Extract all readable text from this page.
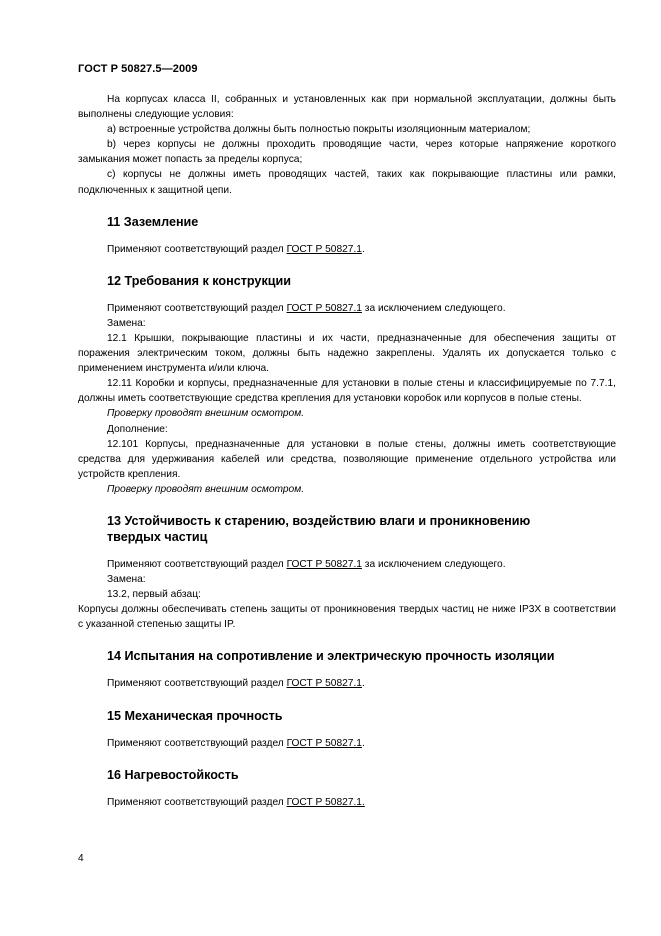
ГОСТ Р 50827.5—2009

На корпусах класса II, собранных и установленных как при нормальной эксплуатации, должны быть выполнены следующие условия:

а) встроенные устройства должны быть полностью покрыты изоляционным материалом;

b) через корпусы не должны проходить проводящие части, через которые напряжение короткого замыкания может попасть за пределы корпуса;

с) корпусы не должны иметь проводящих частей, таких как покрывающие пластины или рамки, подключенных к защитной цепи.

11 Заземление

Применяют соответствующий раздел ГОСТ Р 50827.1.

12 Требования к конструкции

Применяют соответствующий раздел ГОСТ Р 50827.1 за исключением следующего.

Замена:

12.1 Крышки, покрывающие пластины и их части, предназначенные для обеспечения защиты от поражения электрическим током, должны быть надежно закреплены. Удалять их допускается только с применением инструмента и/или ключа.

12.11 Коробки и корпусы, предназначенные для установки в полые стены и классифицируемые по 7.7.1, должны иметь соответствующие средства крепления для установки коробок или корпусов в полые стены.

Проверку проводят внешним осмотром.

Дополнение:

12.101 Корпусы, предназначенные для установки в полые стены, должны иметь соответствующие средства для удерживания кабелей или средства, позволяющие применение отдельного устройства или устройств крепления.

Проверку проводят внешним осмотром.

13 Устойчивость к старению, воздействию влаги и проникновению

твердых частиц

Применяют соответствующий раздел ГОСТ Р 50827.1 за исключением следующего.

Замена:

13.2, первый абзац:

Корпусы должны обеспечивать степень защиты от проникновения твердых частиц не ниже IP3X в соответствии с указанной степенью защиты IP.

14 Испытания на сопротивление и электрическую прочность изоляции

Применяют соответствующий раздел ГОСТ Р 50827.1.

15 Механическая прочность

Применяют соответствующий раздел ГОСТ Р 50827.1.

16 Нагревостойкость

Применяют соответствующий раздел ГОСТ Р 50827.1.

4
